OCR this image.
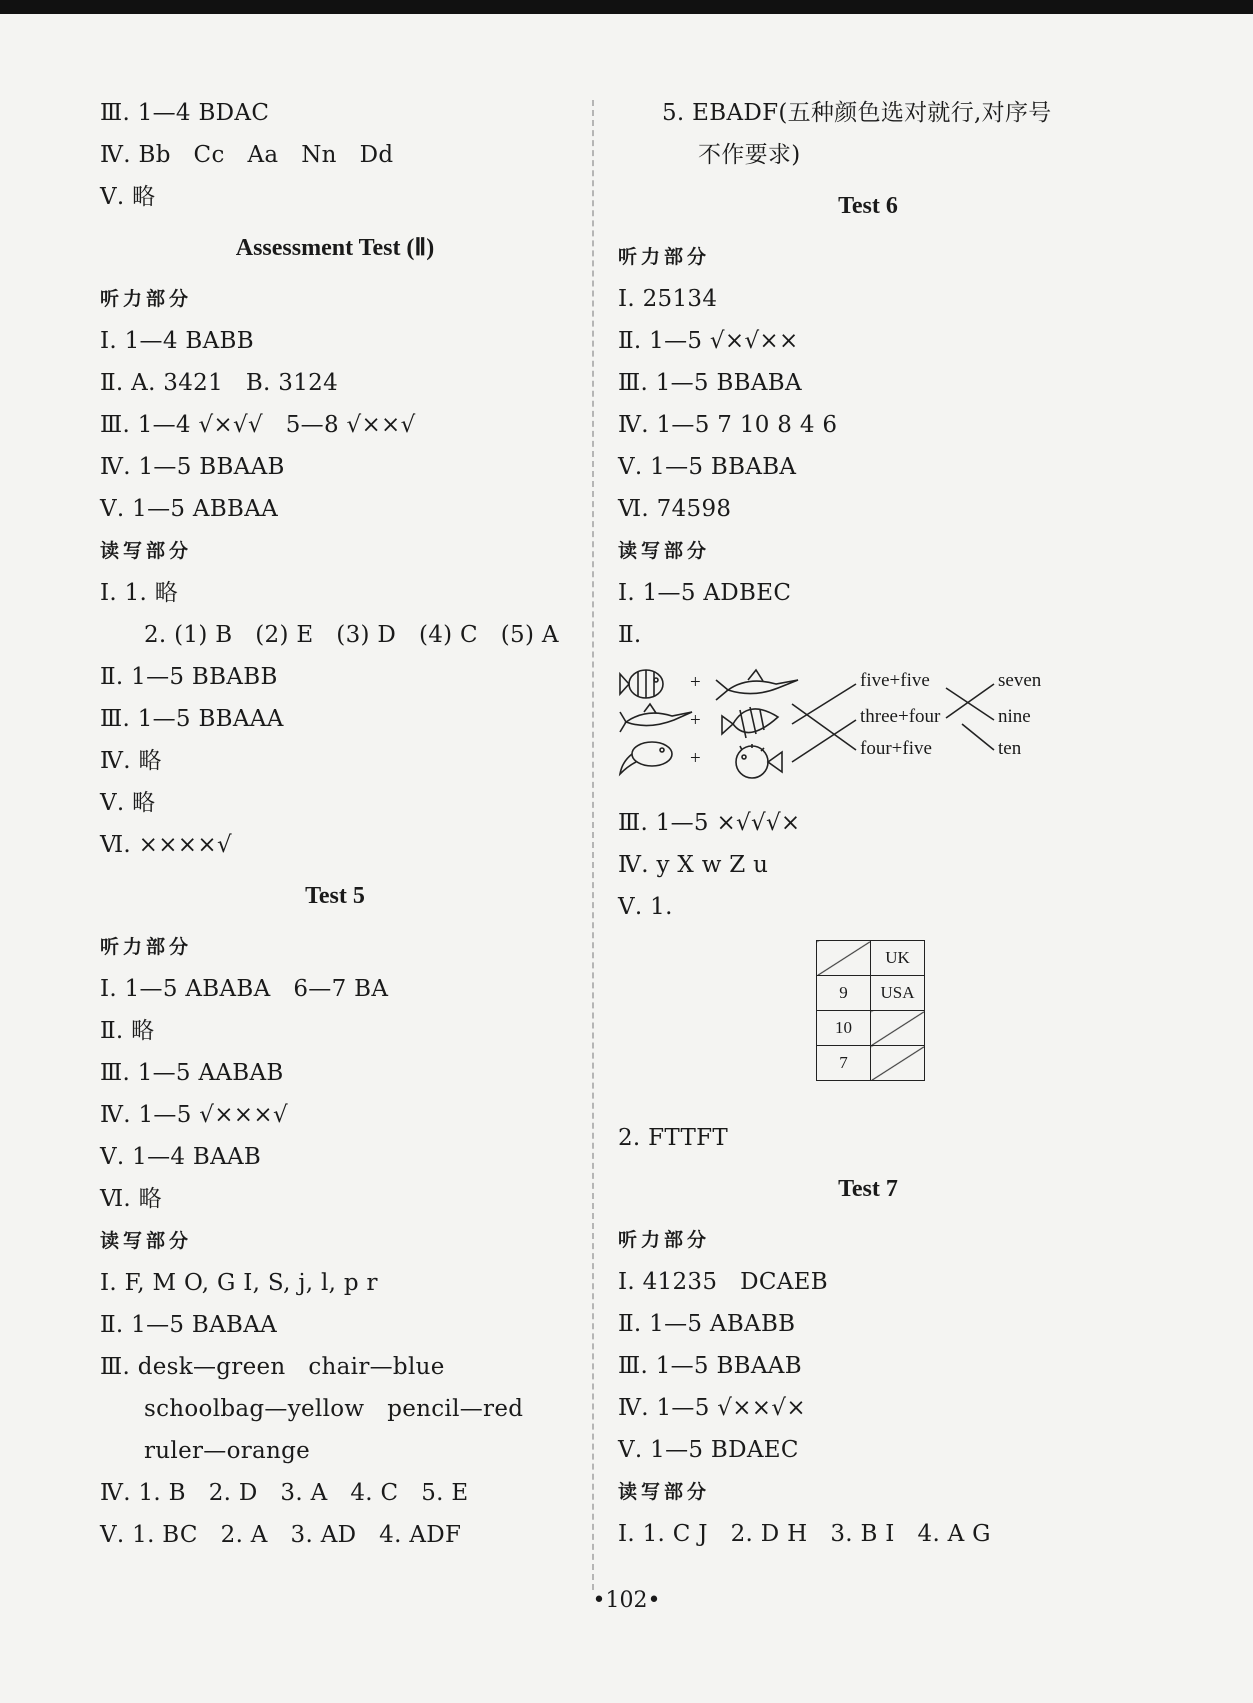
Ⅲ. 1—4 BDAC
Ⅳ. Bb   Cc   Aa   Nn   Dd
Ⅴ. 略
Assessment Test (Ⅱ)
听力部分
Ⅰ. 1—4 BABB
Ⅱ. A. 3421   B. 3124
Ⅲ. 1—4 √×√√   5—8 √××√
Ⅳ. 1—5 BBAAB
Ⅴ. 1—5 ABBAA
读写部分
Ⅰ. 1. 略
2. (1) B   (2) E   (3) D   (4) C   (5) A
Ⅱ. 1—5 BBABB
Ⅲ. 1—5 BBAAA
Ⅳ. 略
Ⅴ. 略
Ⅵ. ××××√
Test 5
听力部分
Ⅰ. 1—5 ABABA   6—7 BA
Ⅱ. 略
Ⅲ. 1—5 AABAB
Ⅳ. 1—5 √×××√
Ⅴ. 1—4 BAAB
Ⅵ. 略
读写部分
Ⅰ. F, M O, G I, S, j, l, p r
Ⅱ. 1—5 BABAA
Ⅲ. desk—green   chair—blue
schoolbag—yellow   pencil—red
ruler—orange
Ⅳ. 1. B   2. D   3. A   4. C   5. E
Ⅴ. 1. BC   2. A   3. AD   4. ADF
5. EBADF(五种颜色选对就行,对序号
不作要求)
Test 6
听力部分
Ⅰ. 25134
Ⅱ. 1—5 √×√××
Ⅲ. 1—5 BBABA
Ⅳ. 1—5 7 10 8 4 6
Ⅴ. 1—5 BBABA
Ⅵ. 74598
读写部分
Ⅰ. 1—5 ADBEC
Ⅱ.
+
+
+
five+five
three+four
four+five
seven
nine
ten
Ⅲ. 1—5 ×√√√×
Ⅳ. y X w Z u
Ⅴ. 1.
	UK
9	USA
10	
7	
2. FTTFT
Test 7
听力部分
Ⅰ. 41235   DCAEB
Ⅱ. 1—5 ABABB
Ⅲ. 1—5 BBAAB
Ⅳ. 1—5 √××√×
Ⅴ. 1—5 BDAEC
读写部分
Ⅰ. 1. C J   2. D H   3. B I   4. A G
•102•
